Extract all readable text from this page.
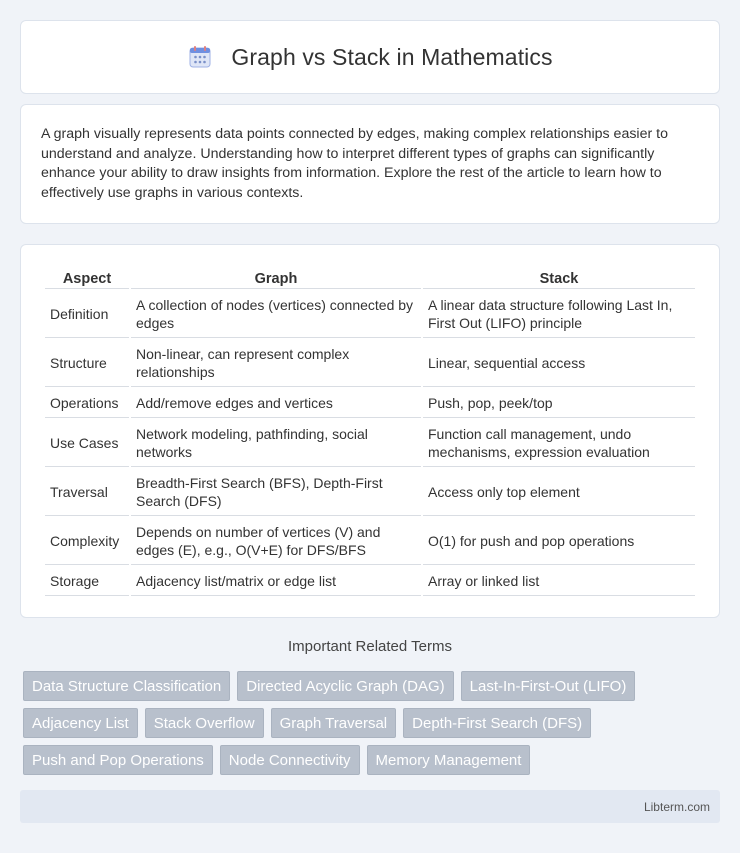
Graph vs Stack in Mathematics

A graph visually represents data points connected by edges, making complex relationships easier to understand and analyze. Understanding how to interpret different types of graphs can significantly enhance your ability to draw insights from information. Explore the rest of the article to learn how to effectively use graphs in various contexts.

Aspect	Graph	Stack
Definition	A collection of nodes (vertices) connected by edges	A linear data structure following Last In, First Out (LIFO) principle
Structure	Non-linear, can represent complex relationships	Linear, sequential access
Operations	Add/remove edges and vertices	Push, pop, peek/top
Use Cases	Network modeling, pathfinding, social networks	Function call management, undo mechanisms, expression evaluation
Traversal	Breadth-First Search (BFS), Depth-First Search (DFS)	Access only top element
Complexity	Depends on number of vertices (V) and edges (E), e.g., O(V+E) for DFS/BFS	O(1) for push and pop operations
Storage	Adjacency list/matrix or edge list	Array or linked list
Important Related Terms
Data Structure Classification	Directed Acyclic Graph (DAG)	Last-In-First-Out (LIFO)
Adjacency List	Stack Overflow	Graph Traversal	Depth-First Search (DFS)
Push and Pop Operations	Node Connectivity	Memory Management
Libterm.com
